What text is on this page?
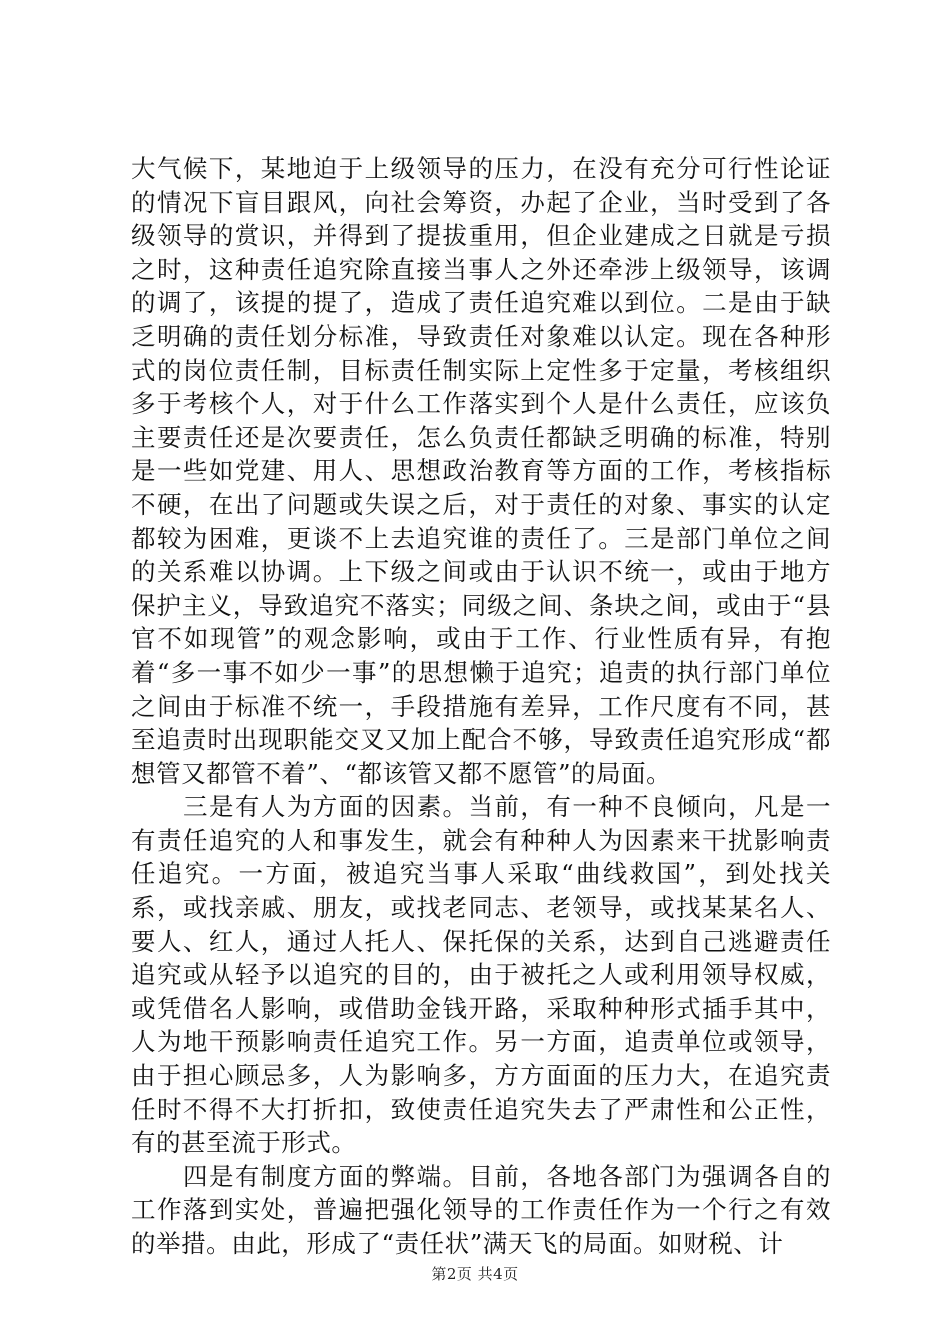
大气候下，某地迫于上级领导的压力，在没有充分可行性论证的情况下盲目跟风，向社会筹资，办起了企业，当时受到了各级领导的赏识，并得到了提拔重用，但企业建成之日就是亏损之时，这种责任追究除直接当事人之外还牵涉上级领导，该调的调了，该提的提了，造成了责任追究难以到位。二是由于缺乏明确的责任划分标准，导致责任对象难以认定。现在各种形式的岗位责任制，目标责任制实际上定性多于定量，考核组织多于考核个人，对于什么工作落实到个人是什么责任，应该负主要责任还是次要责任，怎么负责任都缺乏明确的标准，特别是一些如党建、用人、思想政治教育等方面的工作，考核指标不硬，在出了问题或失误之后，对于责任的对象、事实的认定都较为困难，更谈不上去追究谁的责任了。三是部门单位之间的关系难以协调。上下级之间或由于认识不统一，或由于地方保护主义，导致追究不落实；同级之间、条块之间，或由于“县官不如现管”的观念影响，或由于工作、行业性质有异，有抱着“多一事不如少一事”的思想懒于追究；追责的执行部门单位之间由于标准不统一，手段措施有差异，工作尺度有不同，甚至追责时出现职能交叉又加上配合不够，导致责任追究形成“都想管又都管不着”、“都该管又都不愿管”的局面。

三是有人为方面的因素。当前，有一种不良倾向，凡是一有责任追究的人和事发生，就会有种种人为因素来干扰影响责任追究。一方面，被追究当事人采取“曲线救国”，到处找关系，或找亲戚、朋友，或找老同志、老领导，或找某某名人、要人、红人，通过人托人、保托保的关系，达到自己逃避责任追究或从轻予以追究的目的，由于被托之人或利用领导权威，或凭借名人影响，或借助金钱开路，采取种种形式插手其中，人为地干预影响责任追究工作。另一方面，追责单位或领导，由于担心顾忌多，人为影响多，方方面面的压力大，在追究责任时不得不大打折扣，致使责任追究失去了严肃性和公正性，有的甚至流于形式。

四是有制度方面的弊端。目前，各地各部门为强调各自的工作落到实处，普遍把强化领导的工作责任作为一个行之有效的举措。由此，形成了“责任状”满天飞的局面。如财税、计

第2页 共4页
